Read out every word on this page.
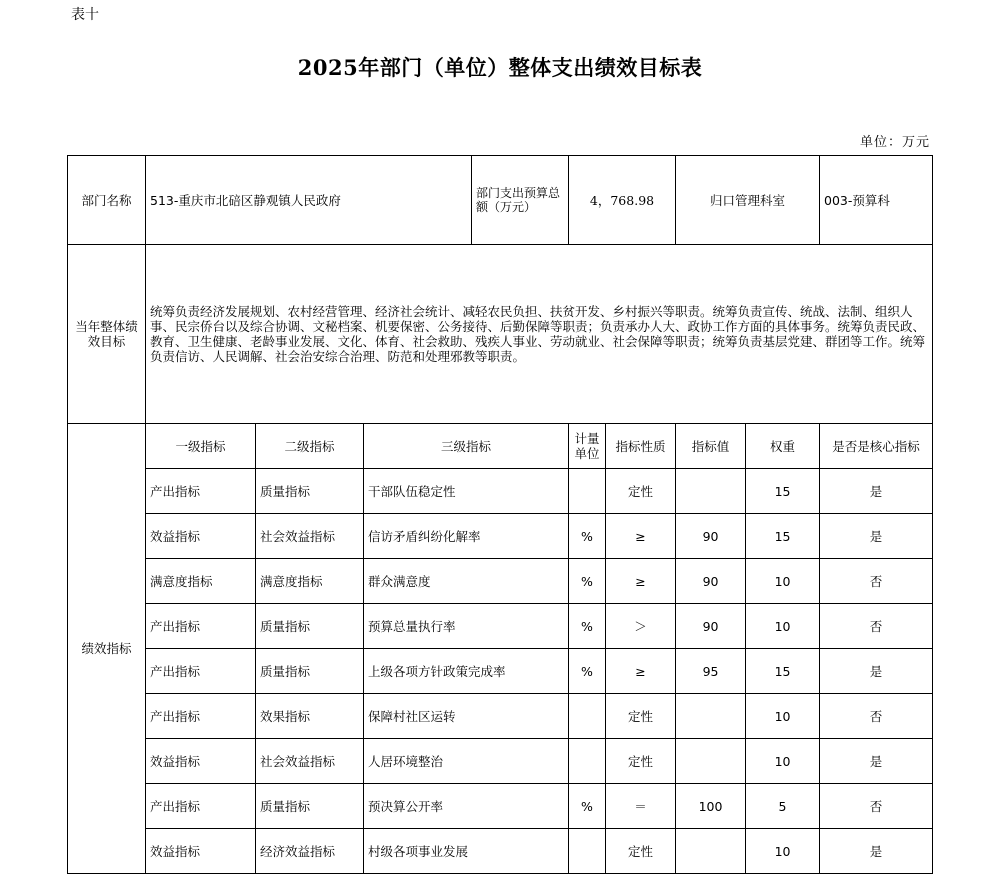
表十
2025年部门（单位）整体支出绩效目标表
单位：万元
部门名称	513-重庆市北碚区静观镇人民政府			部门支出预算总额（万元）	4，768.98		归口管理科室		003-预算科
当年整体绩效目标	统筹负责经济发展规划、农村经营管理、经济社会统计、减轻农民负担、扶贫开发、乡村振兴等职责。统筹负责宣传、统战、法制、组织人事、民宗侨台以及综合协调、文秘档案、机要保密、公务接待、后勤保障等职责；负责承办人大、政协工作方面的具体事务。统筹负责民政、教育、卫生健康、老龄事业发展、文化、体育、社会救助、残疾人事业、劳动就业、社会保障等职责；统筹负责基层党建、群团等工作。统筹负责信访、人民调解、社会治安综合治理、防范和处理邪教等职责。								
绩效指标	一级指标	二级指标	三级指标		计量单位	指标性质	指标值	权重	是否是核心指标
	产出指标	质量指标	干部队伍稳定性			定性		15	是
	效益指标	社会效益指标	信访矛盾纠纷化解率		%	≥	90	15	是
	满意度指标	满意度指标	群众满意度		%	≥	90	10	否
	产出指标	质量指标	预算总量执行率		%	＞	90	10	否
	产出指标	质量指标	上级各项方针政策完成率		%	≥	95	15	是
	产出指标	效果指标	保障村社区运转			定性		10	否
	效益指标	社会效益指标	人居环境整治			定性		10	是
	产出指标	质量指标	预决算公开率		%	＝	100	5	否
	效益指标	经济效益指标	村级各项事业发展			定性		10	是
